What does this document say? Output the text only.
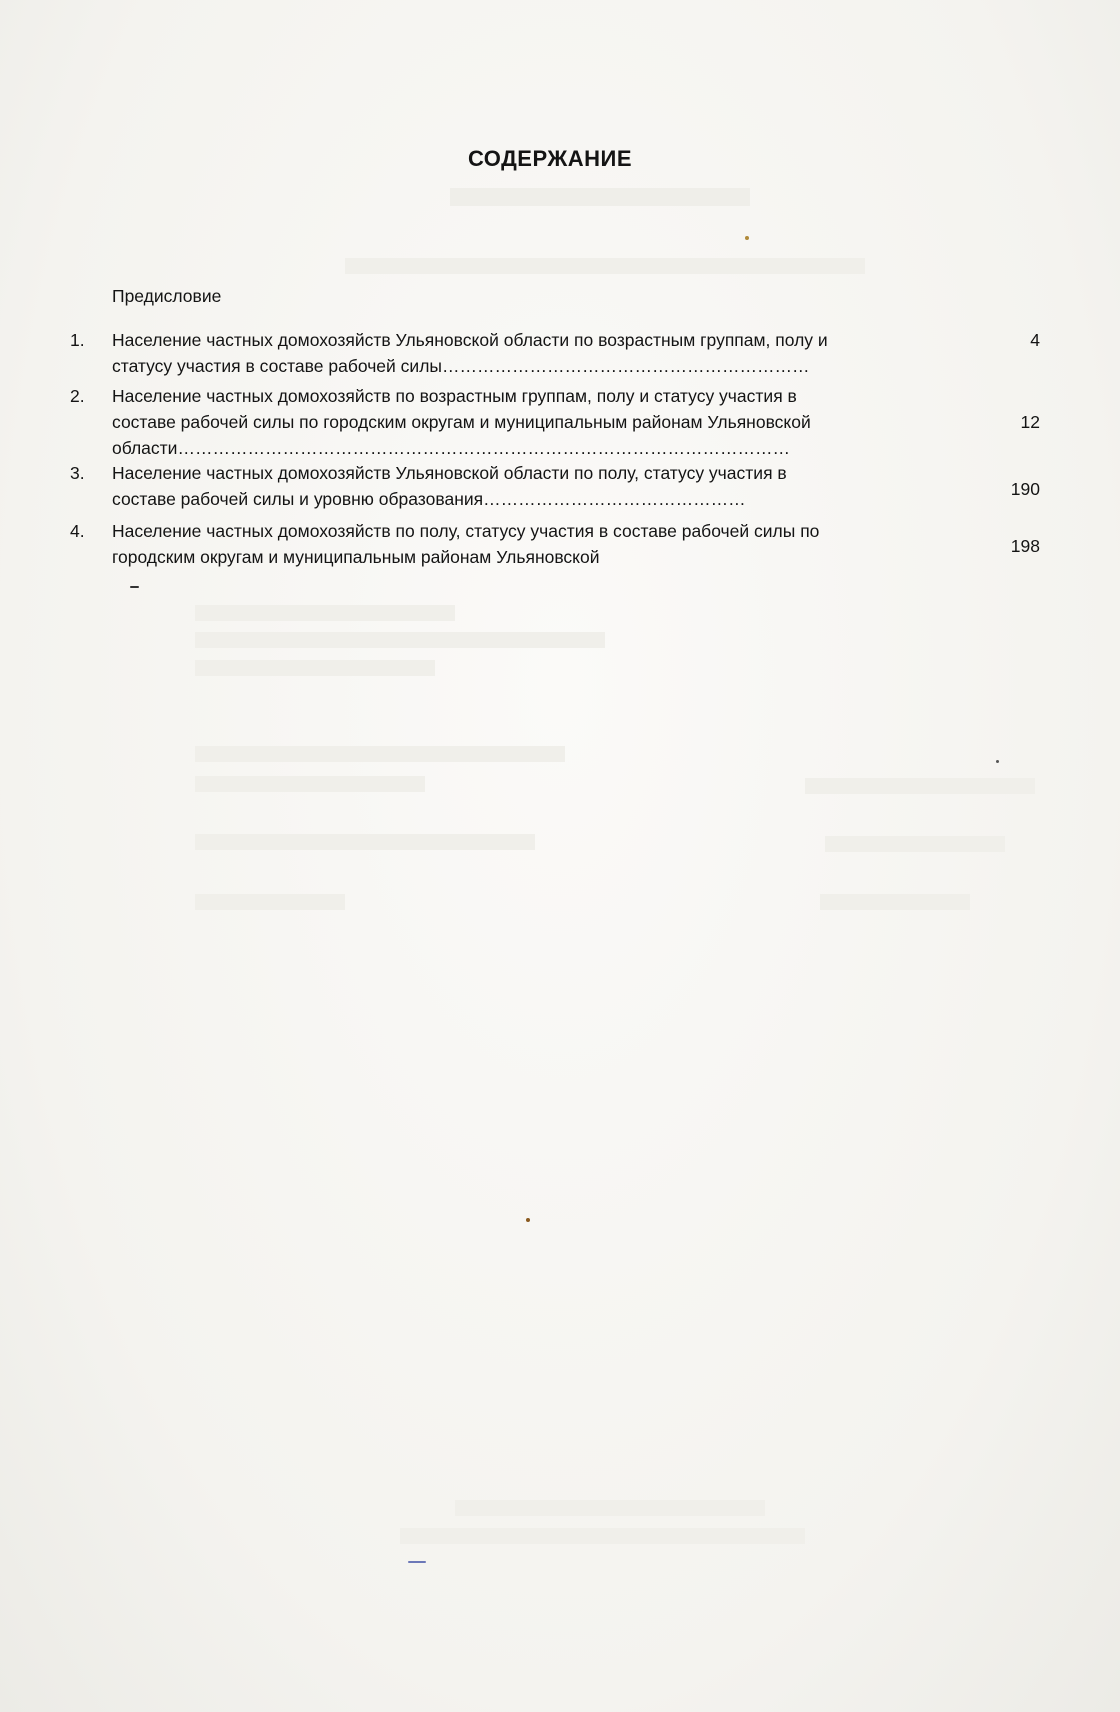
СОДЕРЖАНИЕ
Предисловие
1. Население частных домохозяйств Ульяновской области по возрастным группам, полу и
статусу участия в составе рабочей силы………………………………………………………
4
2. Население частных домохозяйств по возрастным группам, полу и статусу участия в
составе рабочей силы по городским округам и муниципальным районам Ульяновской
области……………………………………………………………………………………………
12
3. Население частных домохозяйств Ульяновской области по полу, статусу участия в
составе рабочей силы и уровню образования………………………………………	190
4. Население частных домохозяйств по полу, статусу участия в составе рабочей силы по
городским округам и муниципальным районам Ульяновской
198
